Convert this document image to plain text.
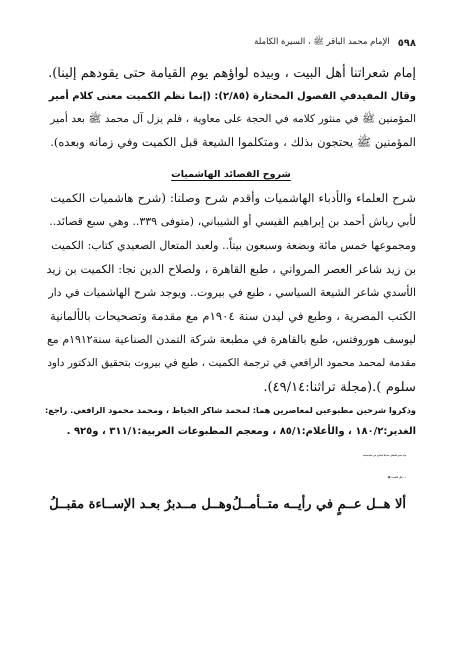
٥٩٨
الإمام محمد الباقر ﷺ ، السيرة الكاملة

إمام شعراتنا أهل البيت ، وبيده لواؤهم يوم القيامة حتى يقودهم إلينا).

وقال المفيدفي الفصول المختارة (٢/٨٥): (إنما نظم الكميت معنى كلام أمير

المؤمنين ﷺ في منثور كلامه في الحجة على معاوية ، فلم يزل آل محمد ﷺ بعد أمير

المؤمنين ﷺ يحتجون بذلك ، ومتكلموا الشيعة قبل الكميت وفي زمانه وبعده).

شروح القصائد الهاشميات

شرح العلماء والأدباء الهاشميات وأقدم شرح وصلنا: (شرح هاشميات الكميت

لأبي رياش أحمد بن إبراهيم القيسي أو الشيباني، (متوفى ٣٣٩.. وهي سبع قصائد..

ومجموعها خمس مائة وبضعة وسبعون بيتاً.. ولعبد المتعال الصعيدي كتاب: الكميت

بن زيد شاعر العصر المرواني ، طبع القاهرة ، ولصلاح الدين نجا: الكميت بن زيد

الأسدي شاعر الشيعة السياسي ، طبع في بيروت.. ويوجد شرح الهاشميات في دار

الكتب المصرية ، وطبع في ليدن سنة ١٩٠٤م مع مقدمة وتصحيحات بالألمانية

ليوسف هوروفتس، طبع بالقاهرة في مطبعة شركة التمدن الصناعية سنة١٩١٢م مع

مقدمة لمحمد محمود الرافعي في ترجمة الكميت ، طبع في بيروت بتحقيق الدكتور داود

سلوم ).(مجلة تراثنا:٤٩/١٤).

وذكروا شرحين مطبوعين لمعاصرين هما: لمحمد شاكر الخياط ، ومحمد محمود الرافعي. راجع:

الغدير:١٨٠/٢ ، والأعلام:٨٥/١ ، ومعجم المطبوعات العربية:٣١١/١ ، و٩٢٥ .

ولا يتسع المجال هنا إلا لنماذج من هاشمياته:

١ - قال الكميت ﷺ:

ألا هــل عــمٍ في رأيــه متــأمــلُ
وهــل مــدبرٌ بعـد الإســاءة مقبــلُ
